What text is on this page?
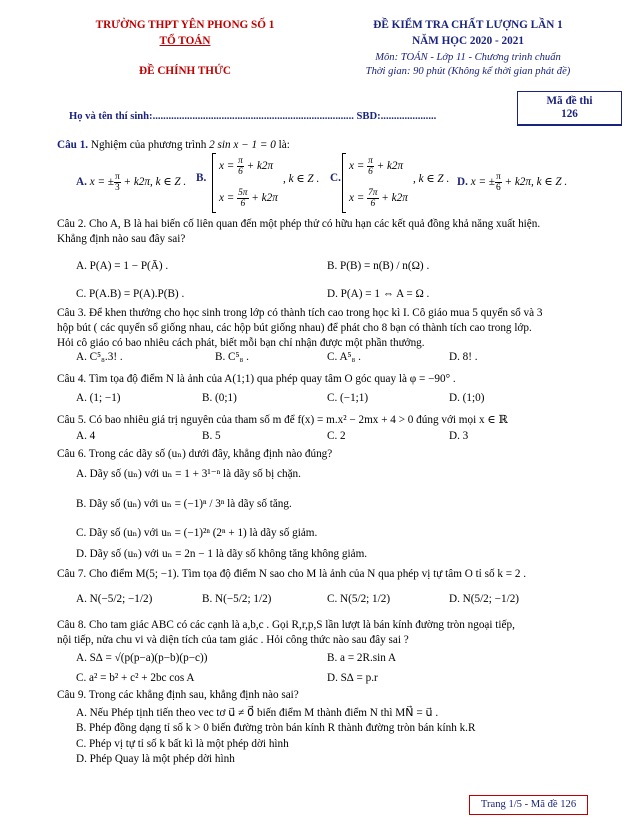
TRƯỜNG THPT YÊN PHONG SỐ 1
TỔ TOÁN
ĐỀ CHÍNH THỨC
ĐỀ KIỂM TRA CHẤT LƯỢNG LẦN 1
NĂM HỌC 2020 - 2021
Môn: TOÁN - Lớp 11 - Chương trình chuẩn
Thời gian: 90 phút (Không kể thời gian phát đề)
Họ và tên thí sinh:............................................................................ SBD:.....................
Mã đề thi
126
Câu 1. Nghiệm của phương trình 2 sin x − 1 = 0 là:
A. x = ± $\frac{\pi}{3} + k2\pi$, k ∈ Z . B.
$x = \frac{\pi}{6} + k2\pi$
$x = \frac{5\pi}{6} + k2\pi$
, k ∈ Z . C.
$x = \frac{\pi}{6} + k2\pi$
$x = \frac{7\pi}{6} + k2\pi$
, k ∈ Z . D. x = ± $\frac{\pi}{6} + k2\pi$, k ∈ Z .
Câu 2. Cho A, B là hai biến cố liên quan đến một phép thử có hữu hạn các kết quả đồng khả năng xuất hiện.
Khẳng định nào sau đây sai?
A. P(A) = 1 − P(Ā) .	B. P(B) = n(B) / n(Ω) .
C. P(A.B) = P(A).P(B) .	D. P(A) = 1 ⇔ A = Ω .
Câu 3. Để khen thưởng cho học sinh trong lớp có thành tích cao trong học kì I. Cô giáo mua 5 quyển sổ và 3
hộp bút ( các quyển sổ giống nhau, các hộp bút giống nhau) để phát cho 8 bạn có thành tích cao trong lớp.
Hỏi cô giáo có bao nhiêu cách phát, biết mỗi bạn chỉ nhận được một phần thưởng.
A. C⁵₈.3! .	B. C⁵₈ .	C. A⁵₈ .	D. 8! .
Câu 4. Tìm tọa độ điểm N là ảnh của A(1;1) qua phép quay tâm O góc quay là φ = −90° .
A. (1; −1)	B. (0;1)	C. (−1;1)	D. (1;0)
Câu 5. Có bao nhiêu giá trị nguyên của tham số m để f(x) = m.x² − 2mx + 4 > 0 đúng với mọi x ∈ ℝ
A. 4	B. 5	C. 2	D. 3
Câu 6. Trong các dãy số (uₙ) dưới đây, khẳng định nào đúng?
A. Dãy số (uₙ) với uₙ = 1 + 3¹⁻ⁿ là dãy số bị chặn.
B. Dãy số (uₙ) với uₙ = (−1)ⁿ / 3ⁿ là dãy số tăng.
C. Dãy số (uₙ) với uₙ = (−1)²ⁿ (2ⁿ + 1) là dãy số giảm.
D. Dãy số (uₙ) với uₙ = 2n − 1 là dãy số không tăng không giảm.
Câu 7. Cho điểm M(5; −1). Tìm tọa độ điểm N sao cho M là ảnh của N qua phép vị tự tâm O tỉ số k = 2 .
A. N(−5/2; −1/2)	B. N(−5/2; 1/2)	C. N(5/2; 1/2)	D. N(5/2; −1/2)
Câu 8. Cho tam giác ABC có các cạnh là a,b,c . Gọi R,r,p,S lần lượt là bán kính đường tròn ngoại tiếp,
nội tiếp, nửa chu vi và diện tích của tam giác . Hỏi công thức nào sau đây sai ?
A. S∆ = √(p(p−a)(p−b)(p−c))	B. a = 2R.sin A
C. a² = b² + c² + 2bc cos A	D. S∆ = p.r
Câu 9. Trong các khẳng định sau, khẳng định nào sai?
A. Nếu Phép tịnh tiến theo vec tơ u⃗ ≠ 0⃗ biến điểm M thành điểm N thì MN⃗ = u⃗ .
B. Phép đồng dạng tỉ số k > 0 biến đường tròn bán kính R thành đường tròn bán kính k.R
C. Phép vị tự tỉ số k bất kì là một phép dời hình
D. Phép Quay là một phép dời hình
Trang 1/5 - Mã đề 126
